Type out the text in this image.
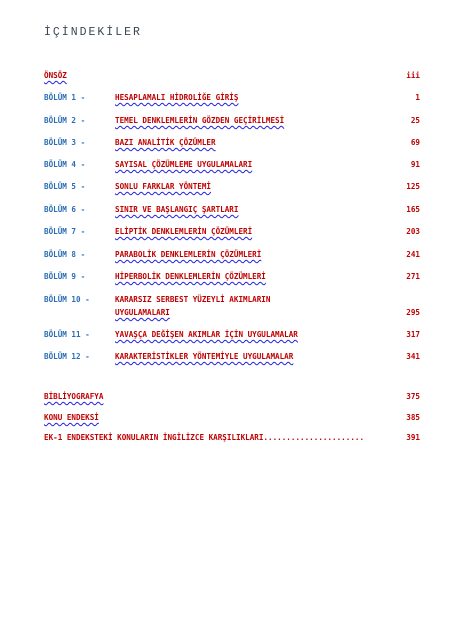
İÇİNDEKİLER
ÖNSÖZ	iii
BÖLÜM 1 -	HESAPLAMALI HİDROLİĞE GİRİŞ	1
BÖLÜM 2 -	TEMEL DENKLEMLERİN GÖZDEN GEÇİRİLMESİ	25
BÖLÜM 3 -	BAZI ANALİTİK ÇÖZÜMLER	69
BÖLÜM 4 -	SAYISAL ÇÖZÜMLEME UYGULAMALARI	91
BÖLÜM 5 -	SONLU FARKLAR YÖNTEMİ	125
BÖLÜM 6 -	SINIR VE BAŞLANGIÇ ŞARTLARI	165
BÖLÜM 7 -	ELİPTİK DENKLEMLERİN ÇÖZÜMLERİ	203
BÖLÜM 8 -	PARABOLİK DENKLEMLERİN ÇÖZÜMLERİ	241
BÖLÜM 9 -	HİPERBOLİK DENKLEMLERİN ÇÖZÜMLERİ	271
BÖLÜM 10 -	KARARSIZ SERBEST YÜZEYLİ AKIMLARIN
UYGULAMALARI	295
BÖLÜM 11 -	YAVAŞÇA DEĞİŞEN AKIMLAR İÇİN UYGULAMALAR	317
BÖLÜM 12 -	KARAKTERİSTİKLER YÖNTEMİYLE UYGULAMALAR	341
BİBLİYOGRAFYA	375
KONU ENDEKSİ	385
EK-1 ENDEKSTEKİ KONULARIN İNGİLİZCE KARŞILIKLARI......................	391
